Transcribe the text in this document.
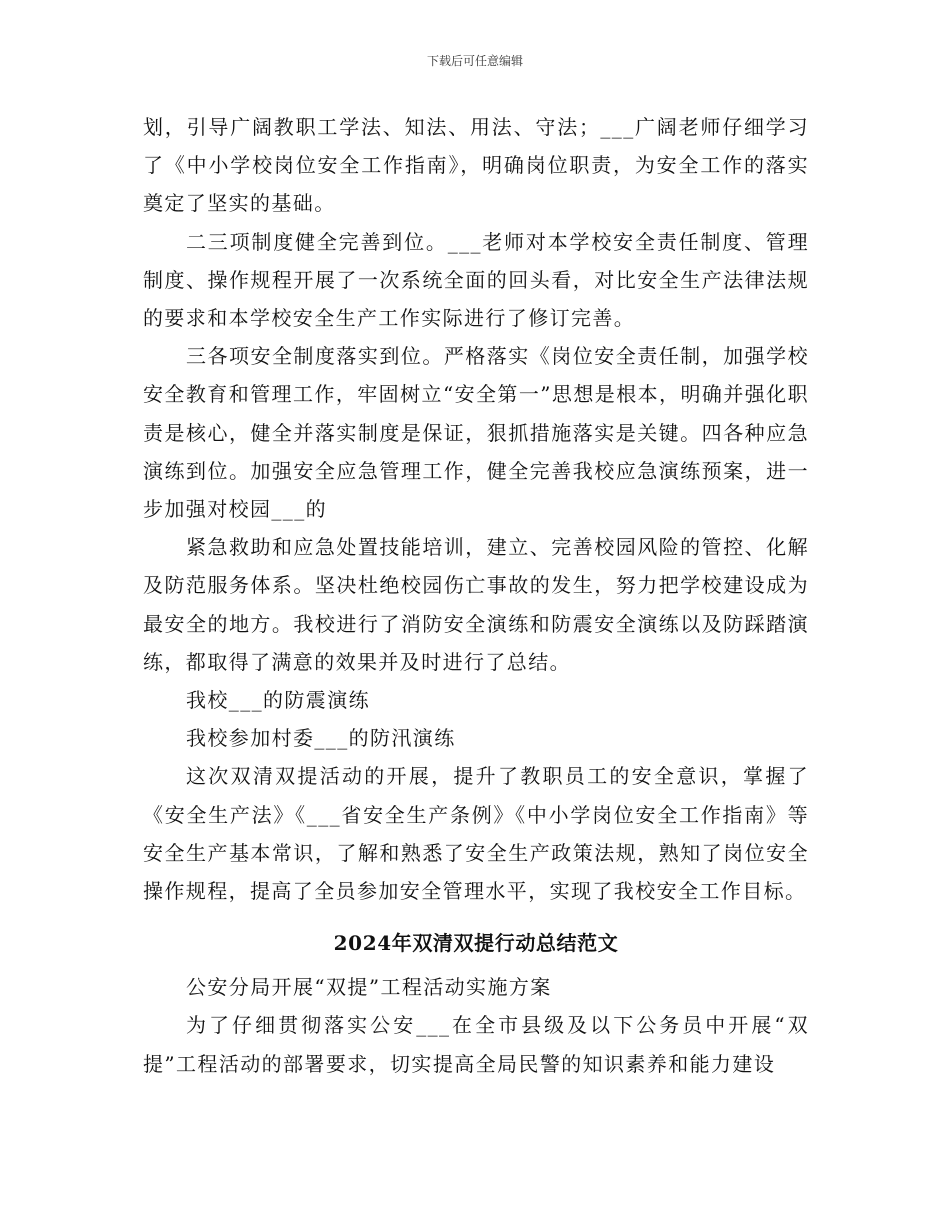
下载后可任意编辑

划，引导广阔教职工学法、知法、用法、守法；___广阔老师仔细学习了《中小学校岗位安全工作指南》，明确岗位职责，为安全工作的落实奠定了坚实的基础。

二三项制度健全完善到位。___老师对本学校安全责任制度、管理制度、操作规程开展了一次系统全面的回头看，对比安全生产法律法规的要求和本学校安全生产工作实际进行了修订完善。

三各项安全制度落实到位。严格落实《岗位安全责任制，加强学校安全教育和管理工作，牢固树立“安全第一”思想是根本，明确并强化职责是核心，健全并落实制度是保证，狠抓措施落实是关键。四各种应急演练到位。加强安全应急管理工作，健全完善我校应急演练预案，进一步加强对校园___的

紧急救助和应急处置技能培训，建立、完善校园风险的管控、化解及防范服务体系。坚决杜绝校园伤亡事故的发生，努力把学校建设成为最安全的地方。我校进行了消防安全演练和防震安全演练以及防踩踏演练，都取得了满意的效果并及时进行了总结。

我校___的防震演练

我校参加村委___的防汛演练

这次双清双提活动的开展，提升了教职员工的安全意识，掌握了《安全生产法》《___省安全生产条例》《中小学岗位安全工作指南》等安全生产基本常识，了解和熟悉了安全生产政策法规，熟知了岗位安全操作规程，提高了全员参加安全管理水平，实现了我校安全工作目标。

2024年双清双提行动总结范文

公安分局开展“双提”工程活动实施方案

为了仔细贯彻落实公安___在全市县级及以下公务员中开展“双提”工程活动的部署要求，切实提高全局民警的知识素养和能力建设
